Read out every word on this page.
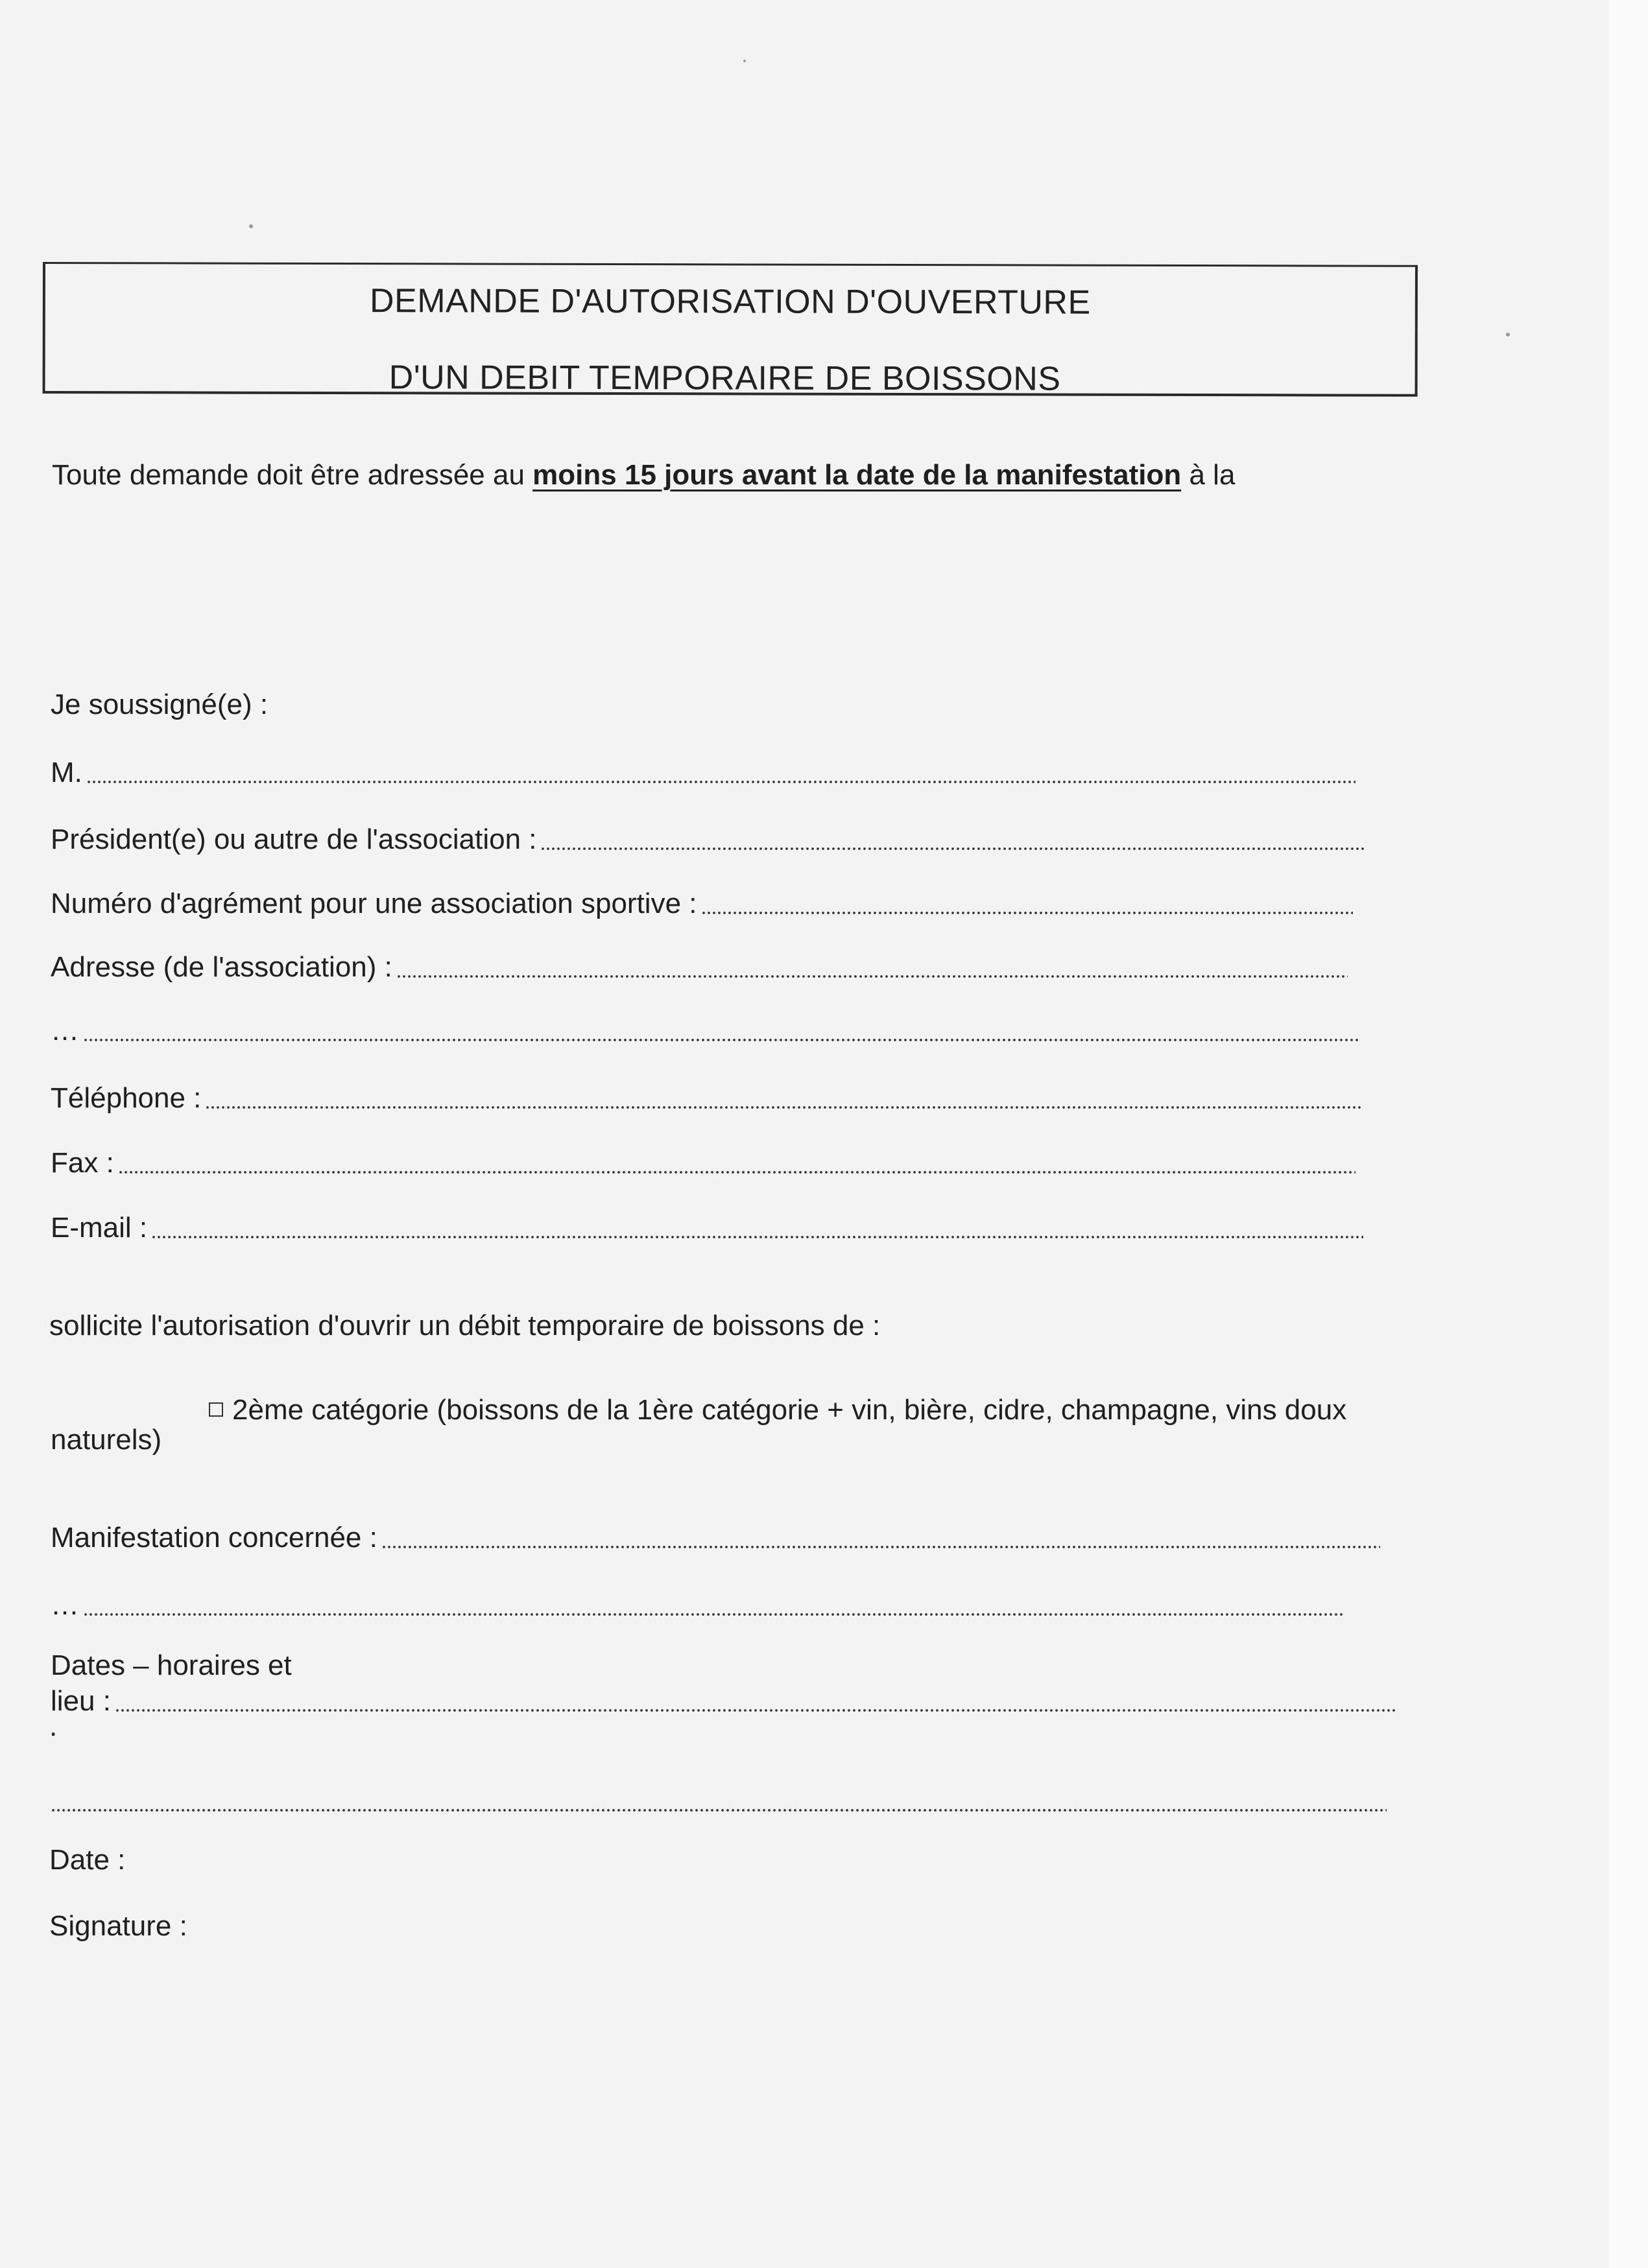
DEMANDE D'AUTORISATION D'OUVERTURE
D'UN DEBIT TEMPORAIRE DE BOISSONS
Toute demande doit être adressée au moins 15 jours avant la date de la manifestation à la
Je soussigné(e) :
M.
Président(e) ou autre de l'association :
Numéro d'agrément pour une association sportive :
Adresse (de l'association) :
…
Téléphone :
Fax :
E-mail :
sollicite l'autorisation d'ouvrir un débit temporaire de boissons de :
2ème catégorie (boissons de la 1ère catégorie + vin, bière, cidre, champagne, vins doux
naturels)
Manifestation concernée :
…
Dates – horaires et
lieu :
.
Date :
Signature :
